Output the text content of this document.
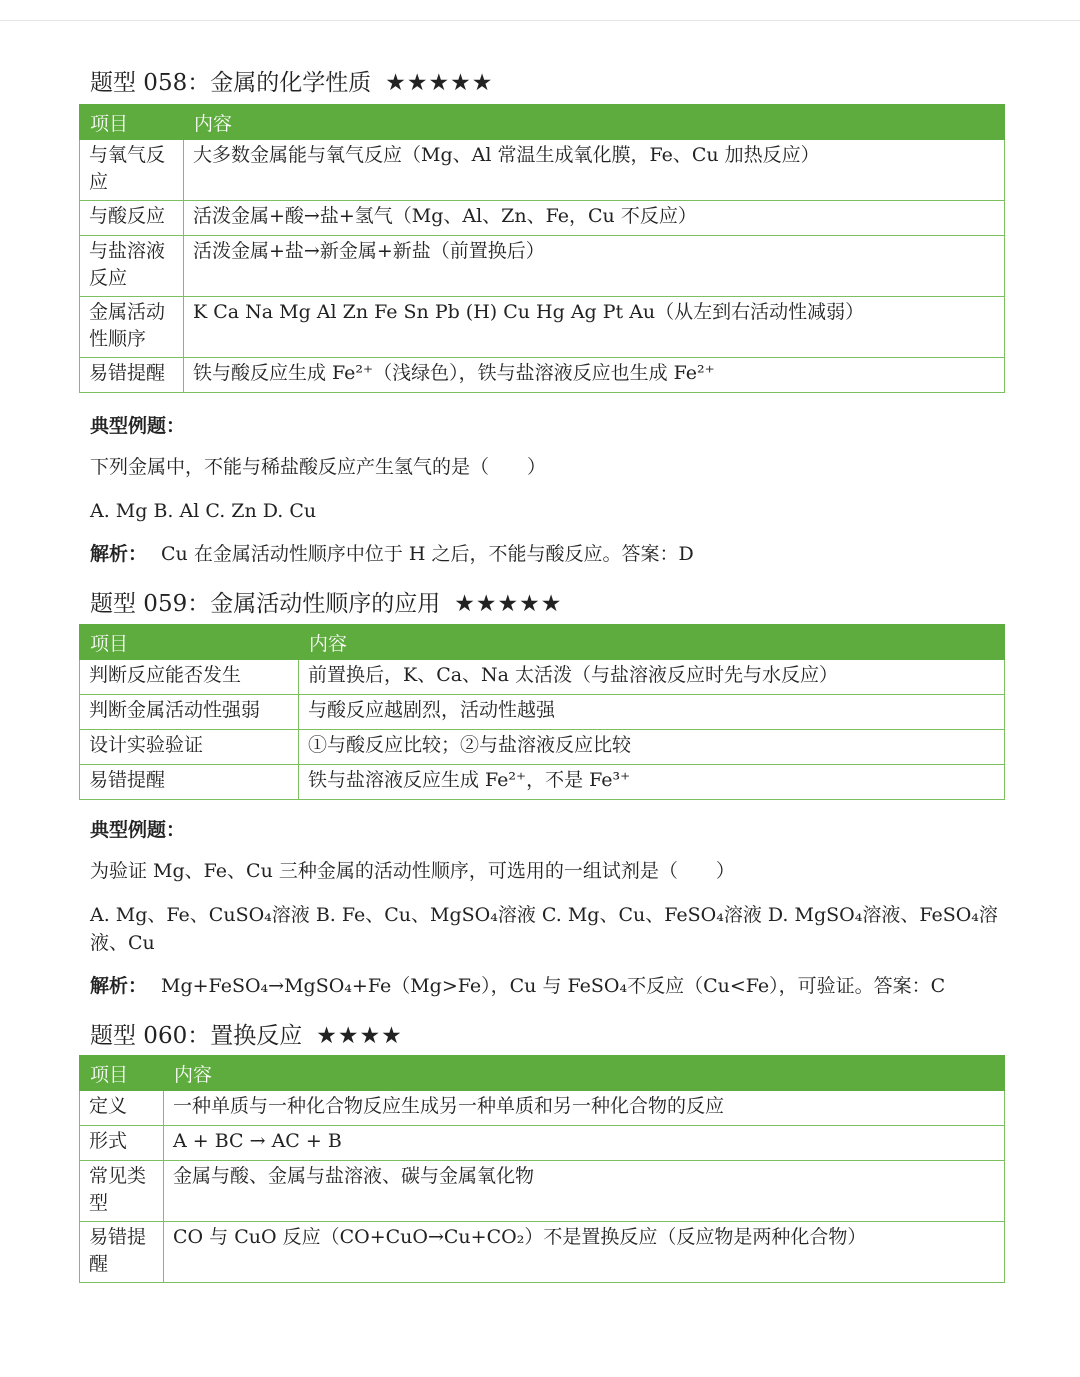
题型 058：金属的化学性质 ★★★★★
项目	内容
与氧气反应	大多数金属能与氧气反应（Mg、Al 常温生成氧化膜，Fe、Cu 加热反应）
与酸反应	活泼金属+酸→盐+氢气（Mg、Al、Zn、Fe，Cu 不反应）
与盐溶液反应	活泼金属+盐→新金属+新盐（前置换后）
金属活动性顺序	K Ca Na Mg Al Zn Fe Sn Pb (H) Cu Hg Ag Pt Au（从左到右活动性减弱）
易错提醒	铁与酸反应生成 Fe²⁺（浅绿色），铁与盐溶液反应也生成 Fe²⁺
典型例题：
下列金属中，不能与稀盐酸反应产生氢气的是（　　）
A. Mg B. Al C. Zn D. Cu
解析： Cu 在金属活动性顺序中位于 H 之后，不能与酸反应。答案：D
题型 059：金属活动性顺序的应用 ★★★★★
项目	内容
判断反应能否发生	前置换后，K、Ca、Na 太活泼（与盐溶液反应时先与水反应）
判断金属活动性强弱	与酸反应越剧烈，活动性越强
设计实验验证	①与酸反应比较；②与盐溶液反应比较
易错提醒	铁与盐溶液反应生成 Fe²⁺，不是 Fe³⁺
典型例题：
为验证 Mg、Fe、Cu 三种金属的活动性顺序，可选用的一组试剂是（　　）
A. Mg、Fe、CuSO₄溶液 B. Fe、Cu、MgSO₄溶液 C. Mg、Cu、FeSO₄溶液 D. MgSO₄溶液、FeSO₄溶液、Cu
解析： Mg+FeSO₄→MgSO₄+Fe（Mg>Fe），Cu 与 FeSO₄不反应（Cu<Fe），可验证。答案：C
题型 060：置换反应 ★★★★
项目	内容
定义	一种单质与一种化合物反应生成另一种单质和另一种化合物的反应
形式	A + BC → AC + B
常见类型	金属与酸、金属与盐溶液、碳与金属氧化物
易错提醒	CO 与 CuO 反应（CO+CuO→Cu+CO₂）不是置换反应（反应物是两种化合物）
